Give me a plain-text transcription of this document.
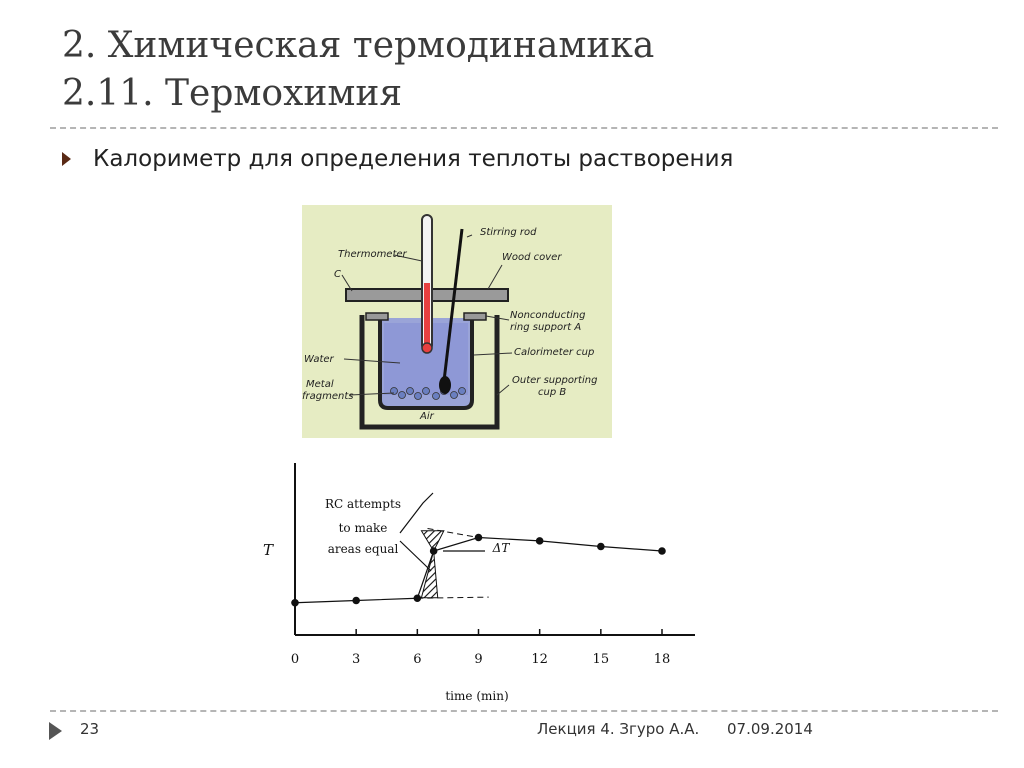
2. Химическая термодинамика
2.11. Термохимия
Калориметр для определения теплоты растворения
Stirring rod
Thermometer	Wood cover
C
Nonconducting
ring support A
Water
Calorimeter cup
Metal
fragments
Outer supporting
cup B
Air
0	3	6	9	12	15	18
T
time (min)
RC attempts
to make
areas equal	ΔT
23	Лекция 4. Згуро А.А. 07.09.2014
